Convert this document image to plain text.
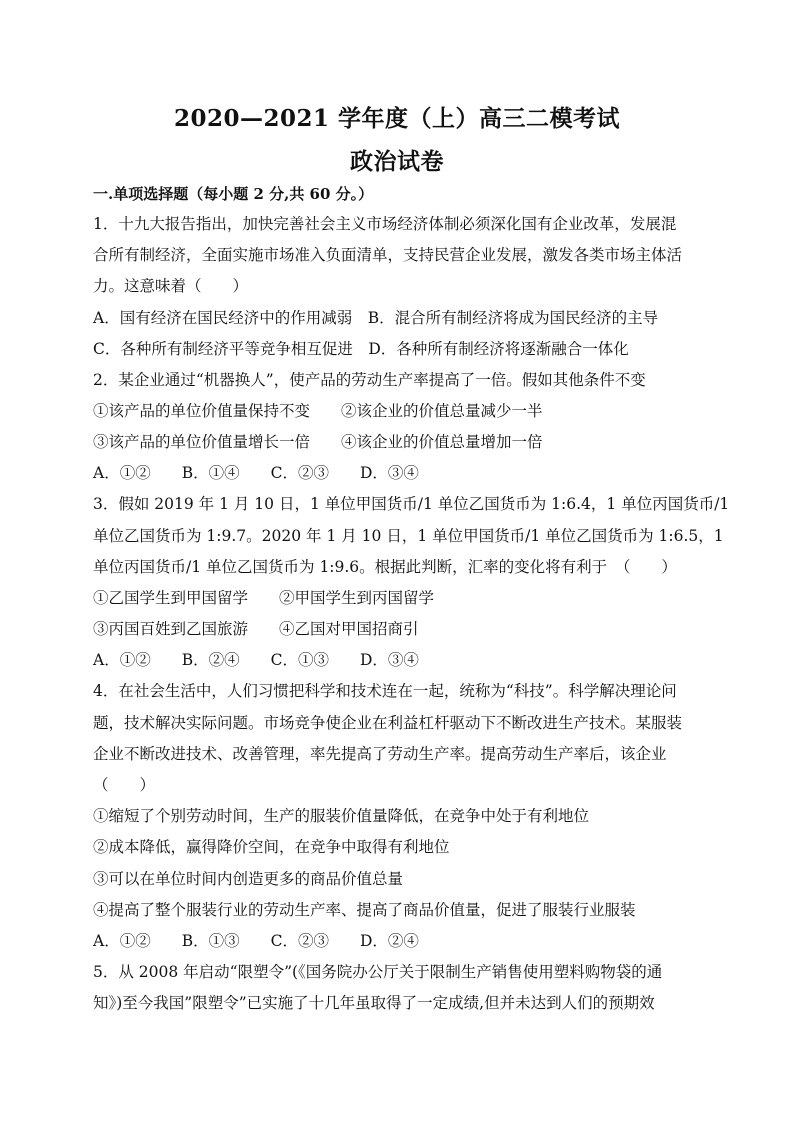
2020—2021 学年度（上）高三二模考试
政治试卷
一.单项选择题（每小题 2 分,共 60 分。）
1．十九大报告指出，加快完善社会主义市场经济体制必须深化国有企业改革，发展混
合所有制经济，全面实施市场准入负面清单，支持民营企业发展，激发各类市场主体活
力。这意味着（　　）
A．国有经济在国民经济中的作用减弱　B．混合所有制经济将成为国民经济的主导
C．各种所有制经济平等竞争相互促进　D．各种所有制经济将逐渐融合一体化
2．某企业通过“机器换人”，使产品的劳动生产率提高了一倍。假如其他条件不变
①该产品的单位价值量保持不变　　②该企业的价值总量减少一半
③该产品的单位价值量增长一倍　　④该企业的价值总量增加一倍
A．①②　　B．①④　　C．②③　　D．③④
3．假如 2019 年 1 月 10 日，1 单位甲国货币/1 单位乙国货币为 1:6.4，1 单位丙国货币/1
单位乙国货币为 1:9.7。2020 年 1 月 10 日，1 单位甲国货币/1 单位乙国货币为 1:6.5，1
单位丙国货币/1 单位乙国货币为 1:9.6。根据此判断，汇率的变化将有利于　（　　）
①乙国学生到甲国留学　　②甲国学生到丙国留学
③丙国百姓到乙国旅游　　④乙国对甲国招商引
A．①②　　B．②④　　C．①③　　D．③④
4．在社会生活中，人们习惯把科学和技术连在一起，统称为“科技”。科学解决理论问
题，技术解决实际问题。市场竞争使企业在利益杠杆驱动下不断改进生产技术。某服装
企业不断改进技术、改善管理，率先提高了劳动生产率。提高劳动生产率后，该企业
（　　）
①缩短了个别劳动时间，生产的服装价值量降低，在竞争中处于有利地位
②成本降低，赢得降价空间，在竞争中取得有利地位
③可以在单位时间内创造更多的商品价值总量
④提高了整个服装行业的劳动生产率、提高了商品价值量，促进了服装行业服装
A．①②　　B．①③　　C．②③　　D．②④
5．从 2008 年启动“限塑令”(《国务院办公厅关于限制生产销售使用塑料购物袋的通
知》)至今我国”限塑令”已实施了十几年虽取得了一定成绩,但并未达到人们的预期效
